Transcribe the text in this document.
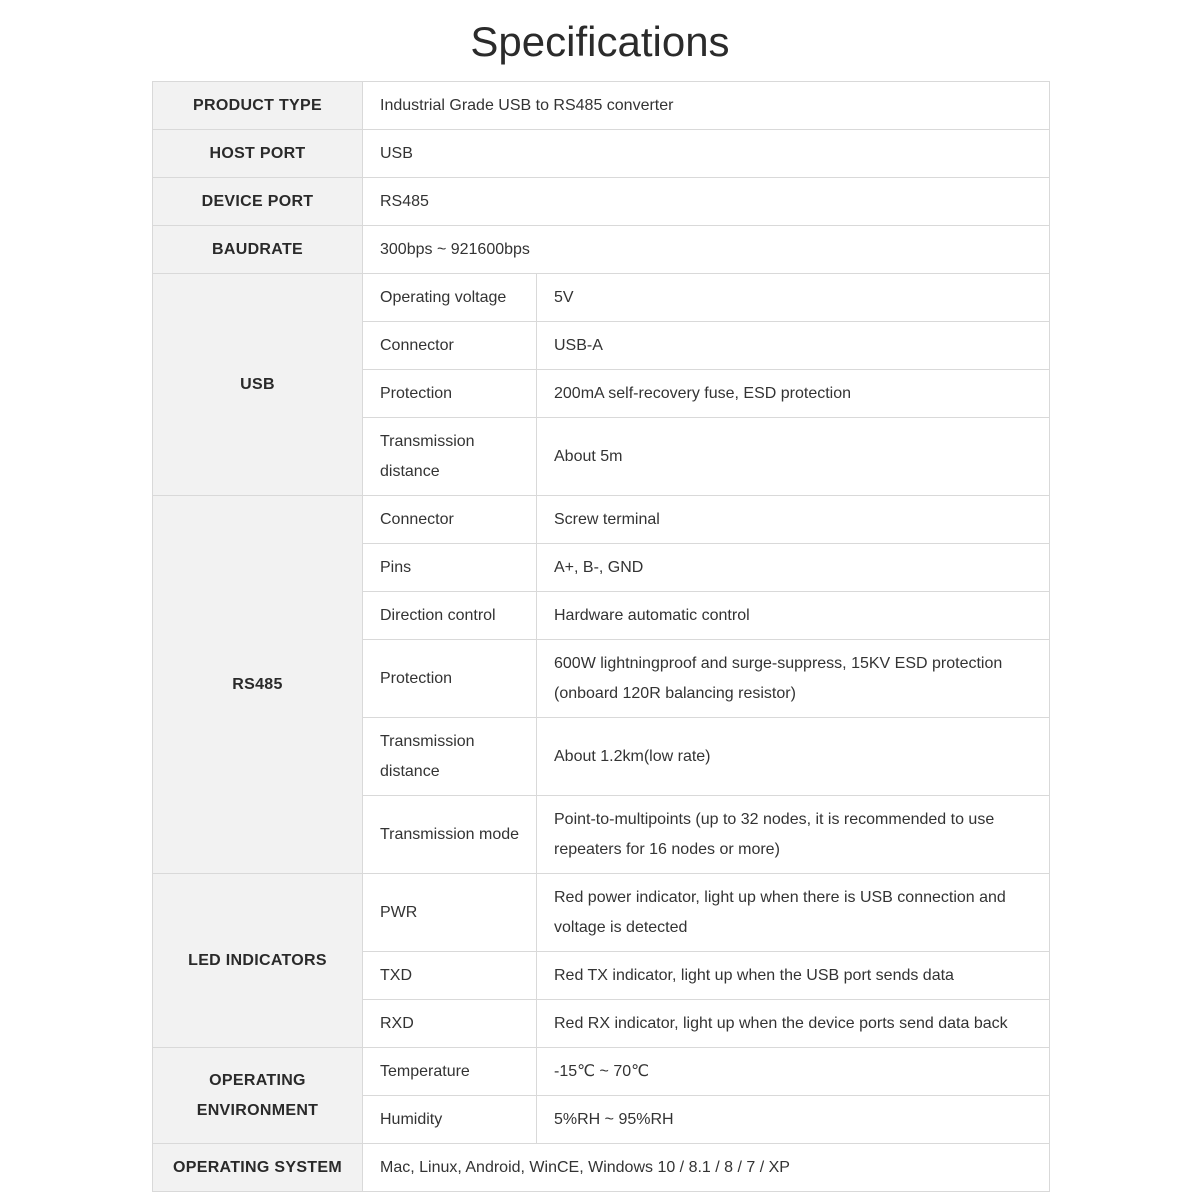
Specifications
PRODUCT TYPE	Industrial Grade USB to RS485 converter	
HOST PORT	USB	
DEVICE PORT	RS485	
BAUDRATE	300bps ~ 921600bps	
USB	Operating voltage	5V
	Connector	USB-A
	Protection	200mA self-recovery fuse, ESD protection
	Transmission distance	About 5m
RS485	Connector	Screw terminal
	Pins	A+, B-, GND
	Direction control	Hardware automatic control
	Protection	600W lightningproof and surge-suppress, 15KV ESD protection (onboard 120R balancing resistor)
	Transmission distance	About 1.2km(low rate)
	Transmission mode	Point-to-multipoints (up to 32 nodes, it is recommended to use repeaters for 16 nodes or more)
LED INDICATORS	PWR	Red power indicator, light up when there is USB connection and voltage is detected
	TXD	Red TX indicator, light up when the USB port sends data
	RXD	Red RX indicator, light up when the device ports send data back
OPERATING ENVIRONMENT	Temperature	-15℃ ~ 70℃
	Humidity	5%RH ~ 95%RH
OPERATING SYSTEM	Mac, Linux, Android, WinCE, Windows 10 / 8.1 / 8 / 7 / XP	
